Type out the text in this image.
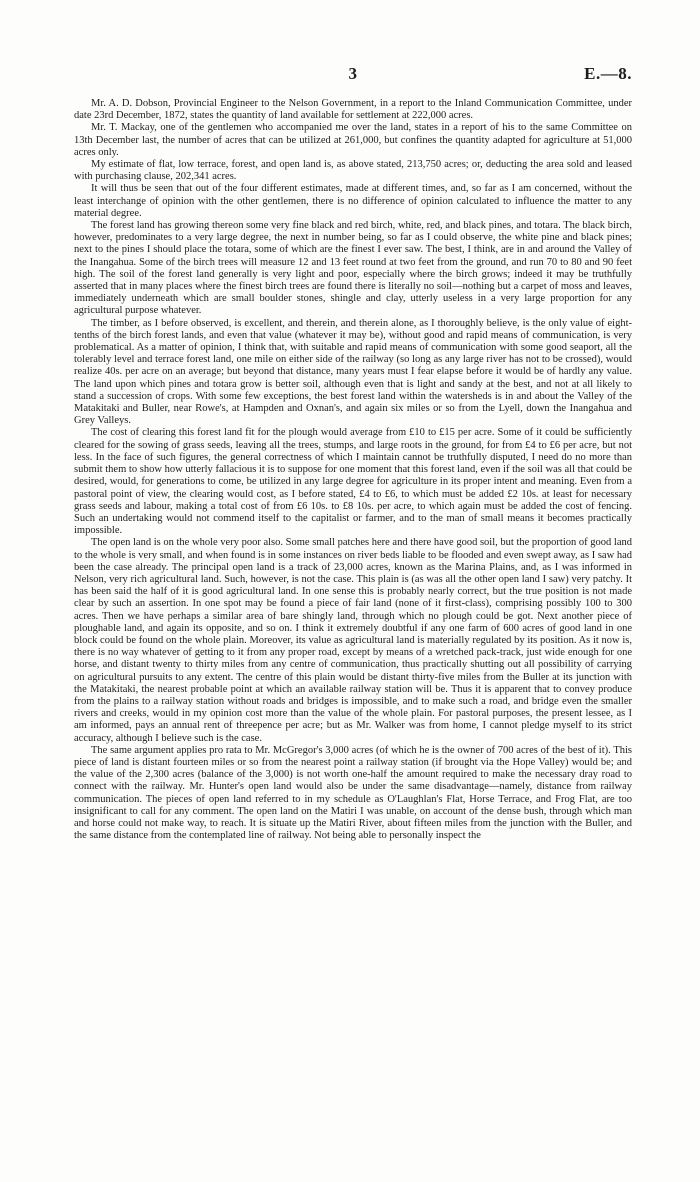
3	E.—8.

Mr. A. D. Dobson, Provincial Engineer to the Nelson Government, in a report to the Inland Communication Committee, under date 23rd December, 1872, states the quantity of land available for settlement at 222,000 acres.

Mr. T. Mackay, one of the gentlemen who accompanied me over the land, states in a report of his to the same Committee on 13th December last, the number of acres that can be utilized at 261,000, but confines the quantity adapted for agriculture at 51,000 acres only.

My estimate of flat, low terrace, forest, and open land is, as above stated, 213,750 acres; or, deducting the area sold and leased with purchasing clause, 202,341 acres.

It will thus be seen that out of the four different estimates, made at different times, and, so far as I am concerned, without the least interchange of opinion with the other gentlemen, there is no difference of opinion calculated to influence the matter to any material degree.

The forest land has growing thereon some very fine black and red birch, white, red, and black pines, and totara. The black birch, however, predominates to a very large degree, the next in number being, so far as I could observe, the white pine and black pines; next to the pines I should place the totara, some of which are the finest I ever saw. The best, I think, are in and around the Valley of the Inangahua. Some of the birch trees will measure 12 and 13 feet round at two feet from the ground, and run 70 to 80 and 90 feet high. The soil of the forest land generally is very light and poor, especially where the birch grows; indeed it may be truthfully asserted that in many places where the finest birch trees are found there is literally no soil—nothing but a carpet of moss and leaves, immediately underneath which are small boulder stones, shingle and clay, utterly useless in a very large proportion for any agricultural purpose whatever.

The timber, as I before observed, is excellent, and therein, and therein alone, as I thoroughly believe, is the only value of eight-tenths of the birch forest lands, and even that value (whatever it may be), without good and rapid means of communication, is very problematical. As a matter of opinion, I think that, with suitable and rapid means of communication with some good seaport, all the tolerably level and terrace forest land, one mile on either side of the railway (so long as any large river has not to be crossed), would realize 40s. per acre on an average; but beyond that distance, many years must I fear elapse before it would be of hardly any value. The land upon which pines and totara grow is better soil, although even that is light and sandy at the best, and not at all likely to stand a succession of crops. With some few exceptions, the best forest land within the watersheds is in and about the Valley of the Matakitaki and Buller, near Rowe's, at Hampden and Oxnan's, and again six miles or so from the Lyell, down the Inangahua and Grey Valleys.

The cost of clearing this forest land fit for the plough would average from £10 to £15 per acre. Some of it could be sufficiently cleared for the sowing of grass seeds, leaving all the trees, stumps, and large roots in the ground, for from £4 to £6 per acre, but not less. In the face of such figures, the general correctness of which I maintain cannot be truthfully disputed, I need do no more than submit them to show how utterly fallacious it is to suppose for one moment that this forest land, even if the soil was all that could be desired, would, for generations to come, be utilized in any large degree for agriculture in its proper intent and meaning. Even from a pastoral point of view, the clearing would cost, as I before stated, £4 to £6, to which must be added £2 10s. at least for necessary grass seeds and labour, making a total cost of from £6 10s. to £8 10s. per acre, to which again must be added the cost of fencing. Such an undertaking would not commend itself to the capitalist or farmer, and to the man of small means it becomes practically impossible.

The open land is on the whole very poor also. Some small patches here and there have good soil, but the proportion of good land to the whole is very small, and when found is in some instances on river beds liable to be flooded and even swept away, as I saw had been the case already. The principal open land is a track of 23,000 acres, known as the Marina Plains, and, as I was informed in Nelson, very rich agricultural land. Such, however, is not the case. This plain is (as was all the other open land I saw) very patchy. It has been said the half of it is good agricultural land. In one sense this is probably nearly correct, but the true position is not made clear by such an assertion. In one spot may be found a piece of fair land (none of it first-class), comprising possibly 100 to 300 acres. Then we have perhaps a similar area of bare shingly land, through which no plough could be got. Next another piece of ploughable land, and again its opposite, and so on. I think it extremely doubtful if any one farm of 600 acres of good land in one block could be found on the whole plain. Moreover, its value as agricultural land is materially regulated by its position. As it now is, there is no way whatever of getting to it from any proper road, except by means of a wretched pack-track, just wide enough for one horse, and distant twenty to thirty miles from any centre of communication, thus practically shutting out all possibility of carrying on agricultural pursuits to any extent. The centre of this plain would be distant thirty-five miles from the Buller at its junction with the Matakitaki, the nearest probable point at which an available railway station will be. Thus it is apparent that to convey produce from the plains to a railway station without roads and bridges is impossible, and to make such a road, and bridge even the smaller rivers and creeks, would in my opinion cost more than the value of the whole plain. For pastoral purposes, the present lessee, as I am informed, pays an annual rent of threepence per acre; but as Mr. Walker was from home, I cannot pledge myself to its strict accuracy, although I believe such is the case.

The same argument applies pro rata to Mr. McGregor's 3,000 acres (of which he is the owner of 700 acres of the best of it). This piece of land is distant fourteen miles or so from the nearest point a railway station (if brought via the Hope Valley) would be; and the value of the 2,300 acres (balance of the 3,000) is not worth one-half the amount required to make the necessary dray road to connect with the railway. Mr. Hunter's open land would also be under the same disadvantage—namely, distance from railway communication. The pieces of open land referred to in my schedule as O'Laughlan's Flat, Horse Terrace, and Frog Flat, are too insignificant to call for any comment. The open land on the Matiri I was unable, on account of the dense bush, through which man and horse could not make way, to reach. It is situate up the Matiri River, about fifteen miles from the junction with the Buller, and the same distance from the contemplated line of railway. Not being able to personally inspect the
